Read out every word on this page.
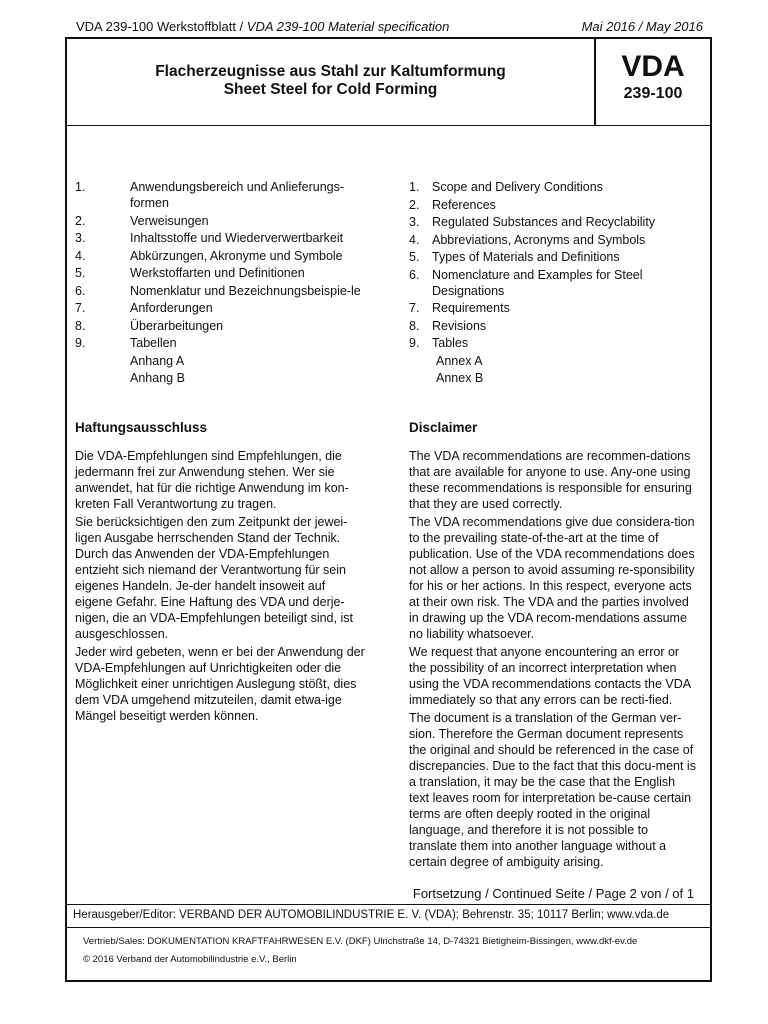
VDA 239-100 Werkstoffblatt / VDA 239-100 Material specification	Mai 2016 / May 2016
Flacherzeugnisse aus Stahl zur Kaltumformung
Sheet Steel for Cold Forming
VDA
239-100
1.	Anwendungsbereich und Anlieferungs-formen
2.	Verweisungen
3.	Inhaltsstoffe und Wiederverwertbarkeit
4.	Abkürzungen, Akronyme und Symbole
5.	Werkstoffarten und Definitionen
6.	Nomenklatur und Bezeichnungsbeispie-le
7.	Anforderungen
8.	Überarbeitungen
9.	Tabellen
Anhang A
Anhang B
1.	Scope and Delivery Conditions
2.	References
3.	Regulated Substances and Recyclability
4.	Abbreviations, Acronyms and Symbols
5.	Types of Materials and Definitions
6.	Nomenclature and Examples for Steel Designations
7.	Requirements
8.	Revisions
9.	Tables
Annex A
Annex B
Haftungsausschluss

Die VDA-Empfehlungen sind Empfehlungen, die jedermann frei zur Anwendung stehen. Wer sie anwendet, hat für die richtige Anwendung im kon-kreten Fall Verantwortung zu tragen.

Sie berücksichtigen den zum Zeitpunkt der jewei-ligen Ausgabe herrschenden Stand der Technik. Durch das Anwenden der VDA-Empfehlungen entzieht sich niemand der Verantwortung für sein eigenes Handeln. Je-der handelt insoweit auf eigene Gefahr. Eine Haftung des VDA und derje-nigen, die an VDA-Empfehlungen beteiligt sind, ist ausgeschlossen.

Jeder wird gebeten, wenn er bei der Anwendung der VDA-Empfehlungen auf Unrichtigkeiten oder die Möglichkeit einer unrichtigen Auslegung stößt, dies dem VDA umgehend mitzuteilen, damit etwa-ige Mängel beseitigt werden können.

Disclaimer

The VDA recommendations are recommen-dations that are available for anyone to use. Any-one using these recommendations is responsible for ensuring that they are used correctly.

The VDA recommendations give due considera-tion to the prevailing state-of-the-art at the time of publication. Use of the VDA recommendations does not allow a person to avoid assuming re-sponsibility for his or her actions. In this respect, everyone acts at their own risk. The VDA and the parties involved in drawing up the VDA recom-mendations assume no liability whatsoever.

We request that anyone encountering an error or the possibility of an incorrect interpretation when using the VDA recommendations contacts the VDA immediately so that any errors can be recti-fied.

The document is a translation of the German ver-sion. Therefore the German document represents the original and should be referenced in the case of discrepancies. Due to the fact that this docu-ment is a translation, it may be the case that the English text leaves room for interpretation be-cause certain terms are often deeply rooted in the original language, and therefore it is not possible to translate them into another language without a certain degree of ambiguity arising.

Fortsetzung / Continued Seite / Page 2 von / of 1
Herausgeber/Editor: VERBAND DER AUTOMOBILINDUSTRIE E. V. (VDA); Behrenstr. 35; 10117 Berlin; www.vda.de
Vertrieb/Sales: DOKUMENTATION KRAFTFAHRWESEN E.V. (DKF) Ulrichstraße 14, D-74321 Bietigheim-Bissingen, www.dkf-ev.de
© 2016 Verband der Automobilindustrie e.V., Berlin
